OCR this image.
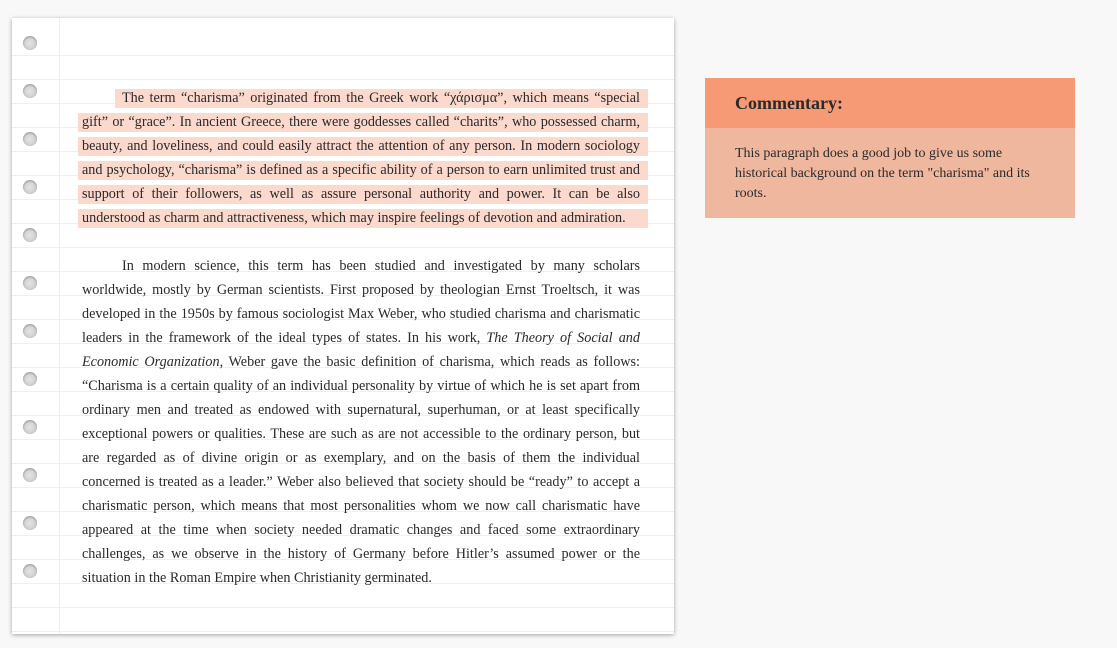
The term “charisma” originated from the Greek work “χάρισμα”, which means “special gift” or “grace”. In ancient Greece, there were goddesses called “charits”, who possessed charm, beauty, and loveliness, and could easily attract the attention of any person. In modern sociology and psychology, “charisma” is defined as a specific ability of a person to earn unlimited trust and support of their followers, as well as assure personal authority and power. It can be also understood as charm and attractiveness, which may inspire feelings of devotion and admiration.

In modern science, this term has been studied and investigated by many scholars worldwide, mostly by German scientists. First proposed by theologian Ernst Troeltsch, it was developed in the 1950s by famous sociologist Max Weber, who studied charisma and charismatic leaders in the framework of the ideal types of states. In his work, The Theory of Social and Economic Organization, Weber gave the basic definition of charisma, which reads as follows: “Charisma is a certain quality of an individual personality by virtue of which he is set apart from ordinary men and treated as endowed with supernatural, superhuman, or at least specifically exceptional powers or qualities. These are such as are not accessible to the ordinary person, but are regarded as of divine origin or as exemplary, and on the basis of them the individual concerned is treated as a leader.” Weber also believed that society should be “ready” to accept a charismatic person, which means that most personalities whom we now call charismatic have appeared at the time when society needed dramatic changes and faced some extraordinary challenges, as we observe in the history of Germany before Hitler’s assumed power or the situation in the Roman Empire when Christianity germinated.

Commentary:
This paragraph does a good job to give us some historical background on the term "charisma" and its roots.
